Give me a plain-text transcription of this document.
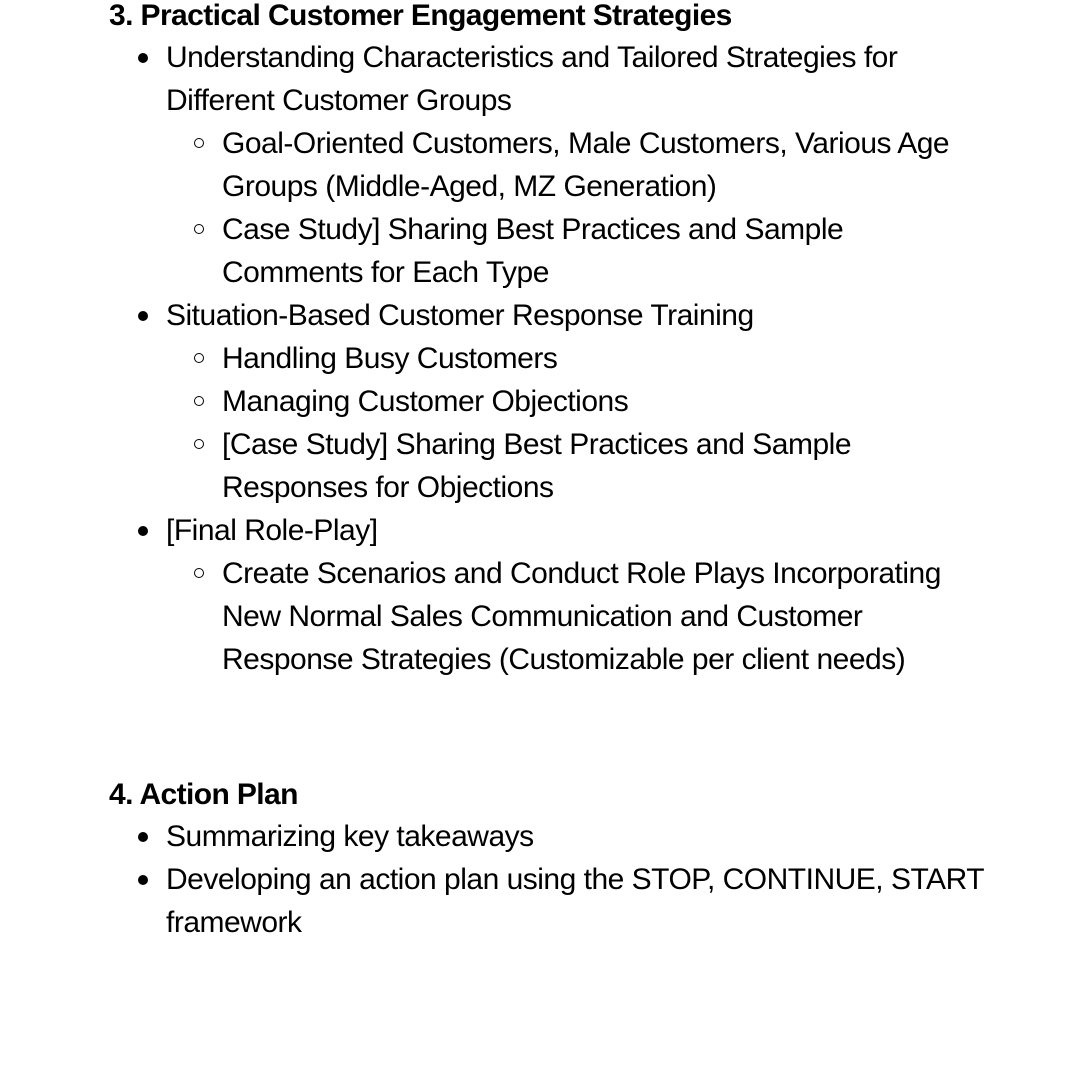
3. Practical Customer Engagement Strategies
Understanding Characteristics and Tailored Strategies for Different Customer Groups
Goal-Oriented Customers, Male Customers, Various Age Groups (Middle-Aged, MZ Generation)
Case Study] Sharing Best Practices and Sample Comments for Each Type
Situation-Based Customer Response Training
Handling Busy Customers
Managing Customer Objections
[Case Study] Sharing Best Practices and Sample Responses for Objections
[Final Role-Play]
Create Scenarios and Conduct Role Plays Incorporating New Normal Sales Communication and Customer Response Strategies (Customizable per client needs)
4. Action Plan
Summarizing key takeaways
Developing an action plan using the STOP, CONTINUE, START framework
